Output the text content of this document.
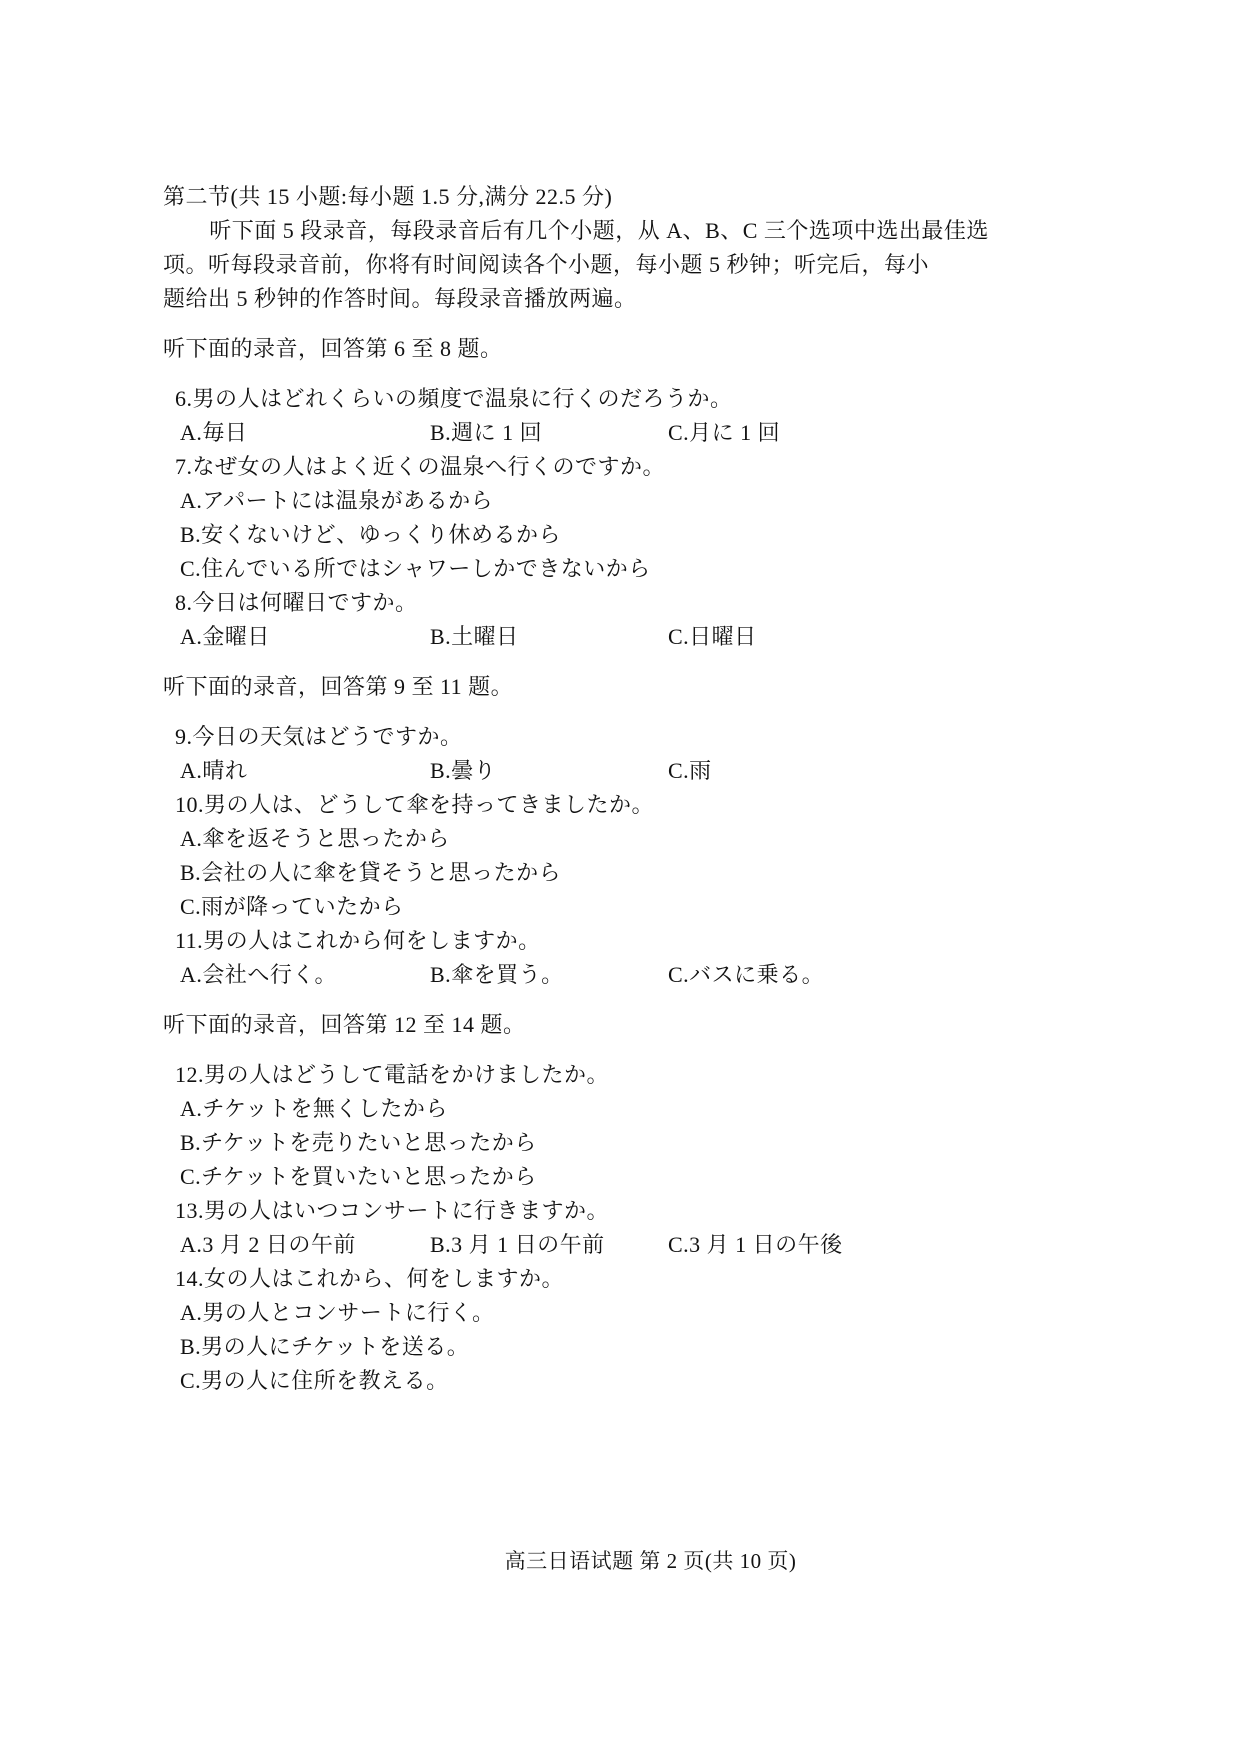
第二节(共 15 小题:每小题 1.5 分,满分 22.5 分)
听下面 5 段录音，每段录音后有几个小题，从 A、B、C 三个选项中选出最佳选
项。听每段录音前，你将有时间阅读各个小题，每小题 5 秒钟；听完后，每小
题给出 5 秒钟的作答时间。每段录音播放两遍。
听下面的录音，回答第 6 至 8 题。
6.男の人はどれくらいの頻度で温泉に行くのだろうか。
A.毎日	B.週に 1 回	C.月に 1 回
7.なぜ女の人はよく近くの温泉へ行くのですか。
A.アパートには温泉があるから
B.安くないけど、ゆっくり休めるから
C.住んでいる所ではシャワーしかできないから
8.今日は何曜日ですか。
A.金曜日	B.土曜日	C.日曜日
听下面的录音，回答第 9 至 11 题。
9.今日の天気はどうですか。
A.晴れ	B.曇り	C.雨
10.男の人は、どうして傘を持ってきましたか。
A.傘を返そうと思ったから
B.会社の人に傘を貸そうと思ったから
C.雨が降っていたから
11.男の人はこれから何をしますか。
A.会社へ行く。	B.傘を買う。	C.バスに乗る。
听下面的录音，回答第 12 至 14 题。
12.男の人はどうして電話をかけましたか。
A.チケットを無くしたから
B.チケットを売りたいと思ったから
C.チケットを買いたいと思ったから
13.男の人はいつコンサートに行きますか。
A.3 月 2 日の午前	B.3 月 1 日の午前	C.3 月 1 日の午後
14.女の人はこれから、何をしますか。
A.男の人とコンサートに行く。
B.男の人にチケットを送る。
C.男の人に住所を教える。
高三日语试题 第 2 页(共 10 页)
